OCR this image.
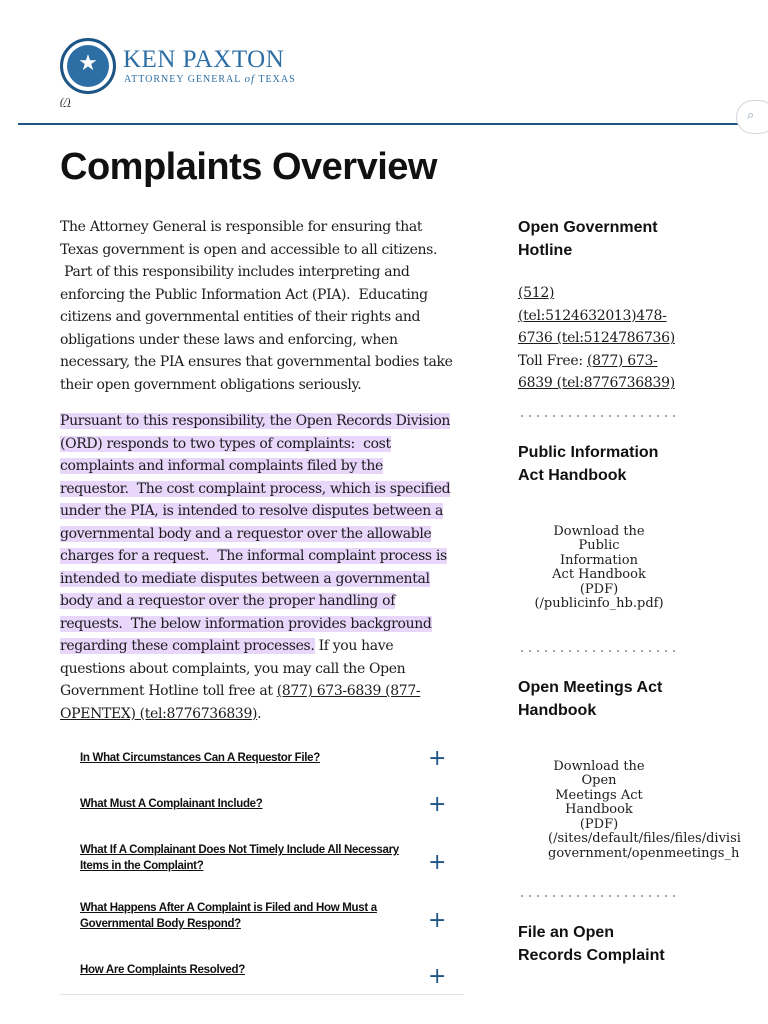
★	KEN PAXTON
ATTORNEY GENERAL of TEXAS
(/)
⌕
Complaints Overview

The Attorney General is responsible for ensuring that
Texas government is open and accessible to all citizens.
Part of this responsibility includes interpreting and
enforcing the Public Information Act (PIA).  Educating
citizens and governmental entities of their rights and
obligations under these laws and enforcing, when
necessary, the PIA ensures that governmental bodies take
their open government obligations seriously.

Pursuant to this responsibility, the Open Records Division
(ORD) responds to two types of complaints:  cost
complaints and informal complaints filed by the
requestor.  The cost complaint process, which is specified
under the PIA, is intended to resolve disputes between a
governmental body and a requestor over the allowable
charges for a request.  The informal complaint process is
intended to mediate disputes between a governmental
body and a requestor over the proper handling of
requests.  The below information provides background
regarding these complaint processes. If you have
questions about complaints, you may call the Open
Government Hotline toll free at (877) 673-6839 (877-
OPENTEX) (tel:8776736839).

In What Circumstances Can A Requestor File?	+
What Must A Complainant Include?	+
What If A Complainant Does Not Timely Include All Necessary
Items in the Complaint?	+
What Happens After A Complaint is Filed and How Must a
Governmental Body Respond?	+
How Are Complaints Resolved?	+
Open Government
Hotline
(512)
(tel:5124632013)478-
6736 (tel:5124786736)
Toll Free: (877) 673-
6839 (tel:8776736839)
Public Information
Act Handbook
Download the
Public
Information
Act Handbook
(PDF)
(/publicinfo_hb.pdf)
Open Meetings Act
Handbook
Download the
Open
Meetings Act
Handbook
(PDF)

(/sites/default/files/files/divisi
government/openmeetings_h
File an Open
Records Complaint
